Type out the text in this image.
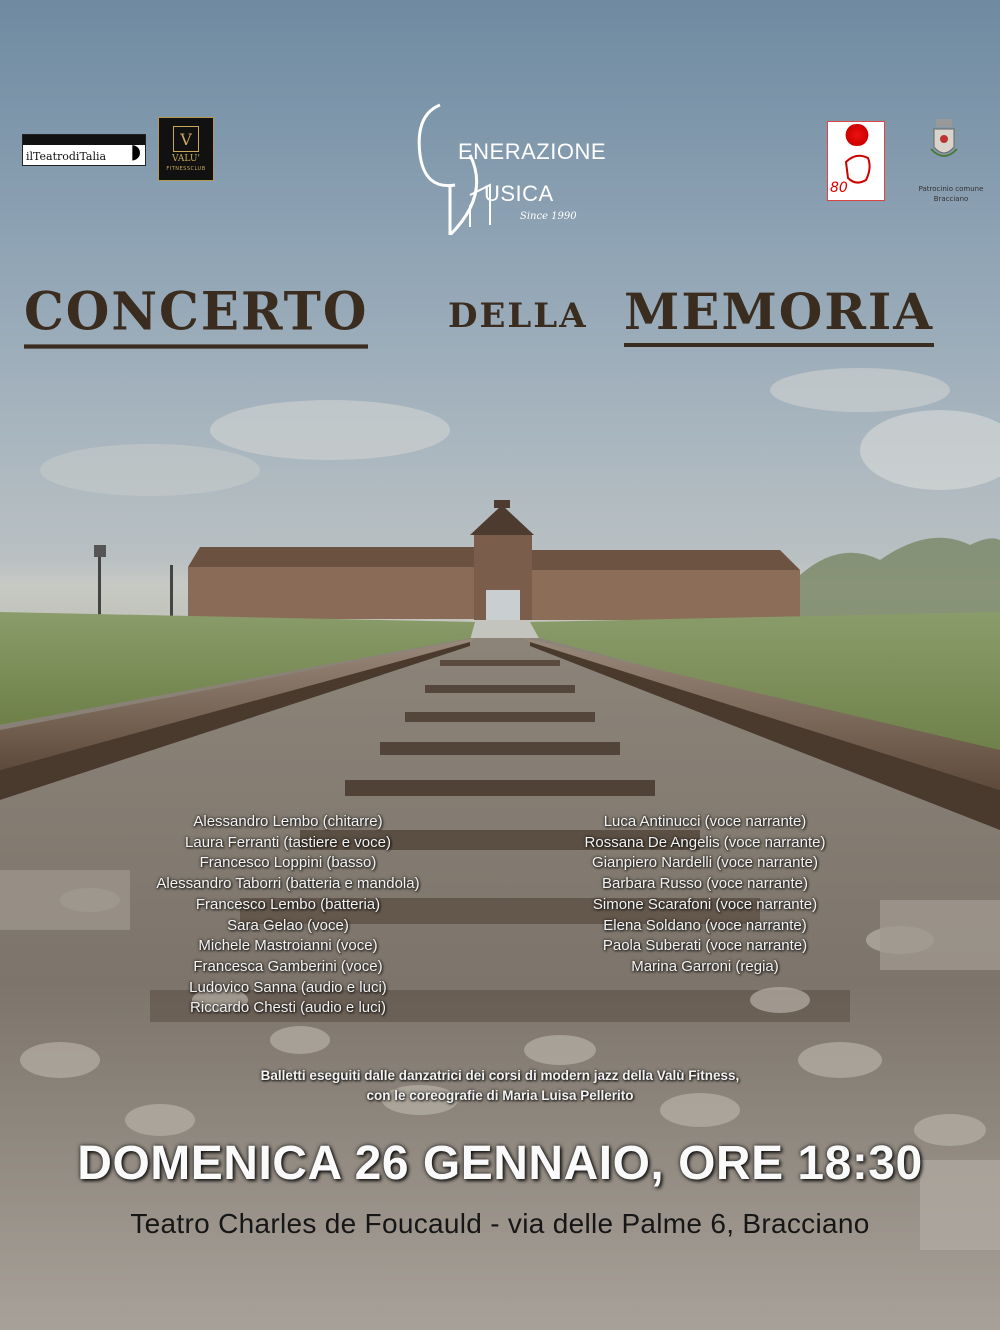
ilTeatrodiTalia ◗	V
VALU'
FITNESSCLUB
ENERAZIONE
USICA
Since 1990
80	Patrocinio comune
Bracciano
CONCERTO DELLA MEMORIA
Alessandro Lembo (chitarre)
Laura Ferranti (tastiere e voce)
Francesco Loppini (basso)
Alessandro Taborri (batteria e mandola)
Francesco Lembo (batteria)
Sara Gelao (voce)
Michele Mastroianni (voce)
Francesca Gamberini (voce)
Ludovico Sanna (audio e luci)
Riccardo Chesti (audio e luci)
Luca Antinucci (voce narrante)
Rossana De Angelis (voce narrante)
Gianpiero Nardelli (voce narrante)
Barbara Russo (voce narrante)
Simone Scarafoni (voce narrante)
Elena Soldano (voce narrante)
Paola Suberati (voce narrante)
Marina Garroni (regia)
Balletti eseguiti dalle danzatrici dei corsi di modern jazz della Valù Fitness,
con le coreografie di Maria Luisa Pellerito
DOMENICA 26 GENNAIO, ORE 18:30
Teatro Charles de Foucauld - via delle Palme 6, Bracciano
